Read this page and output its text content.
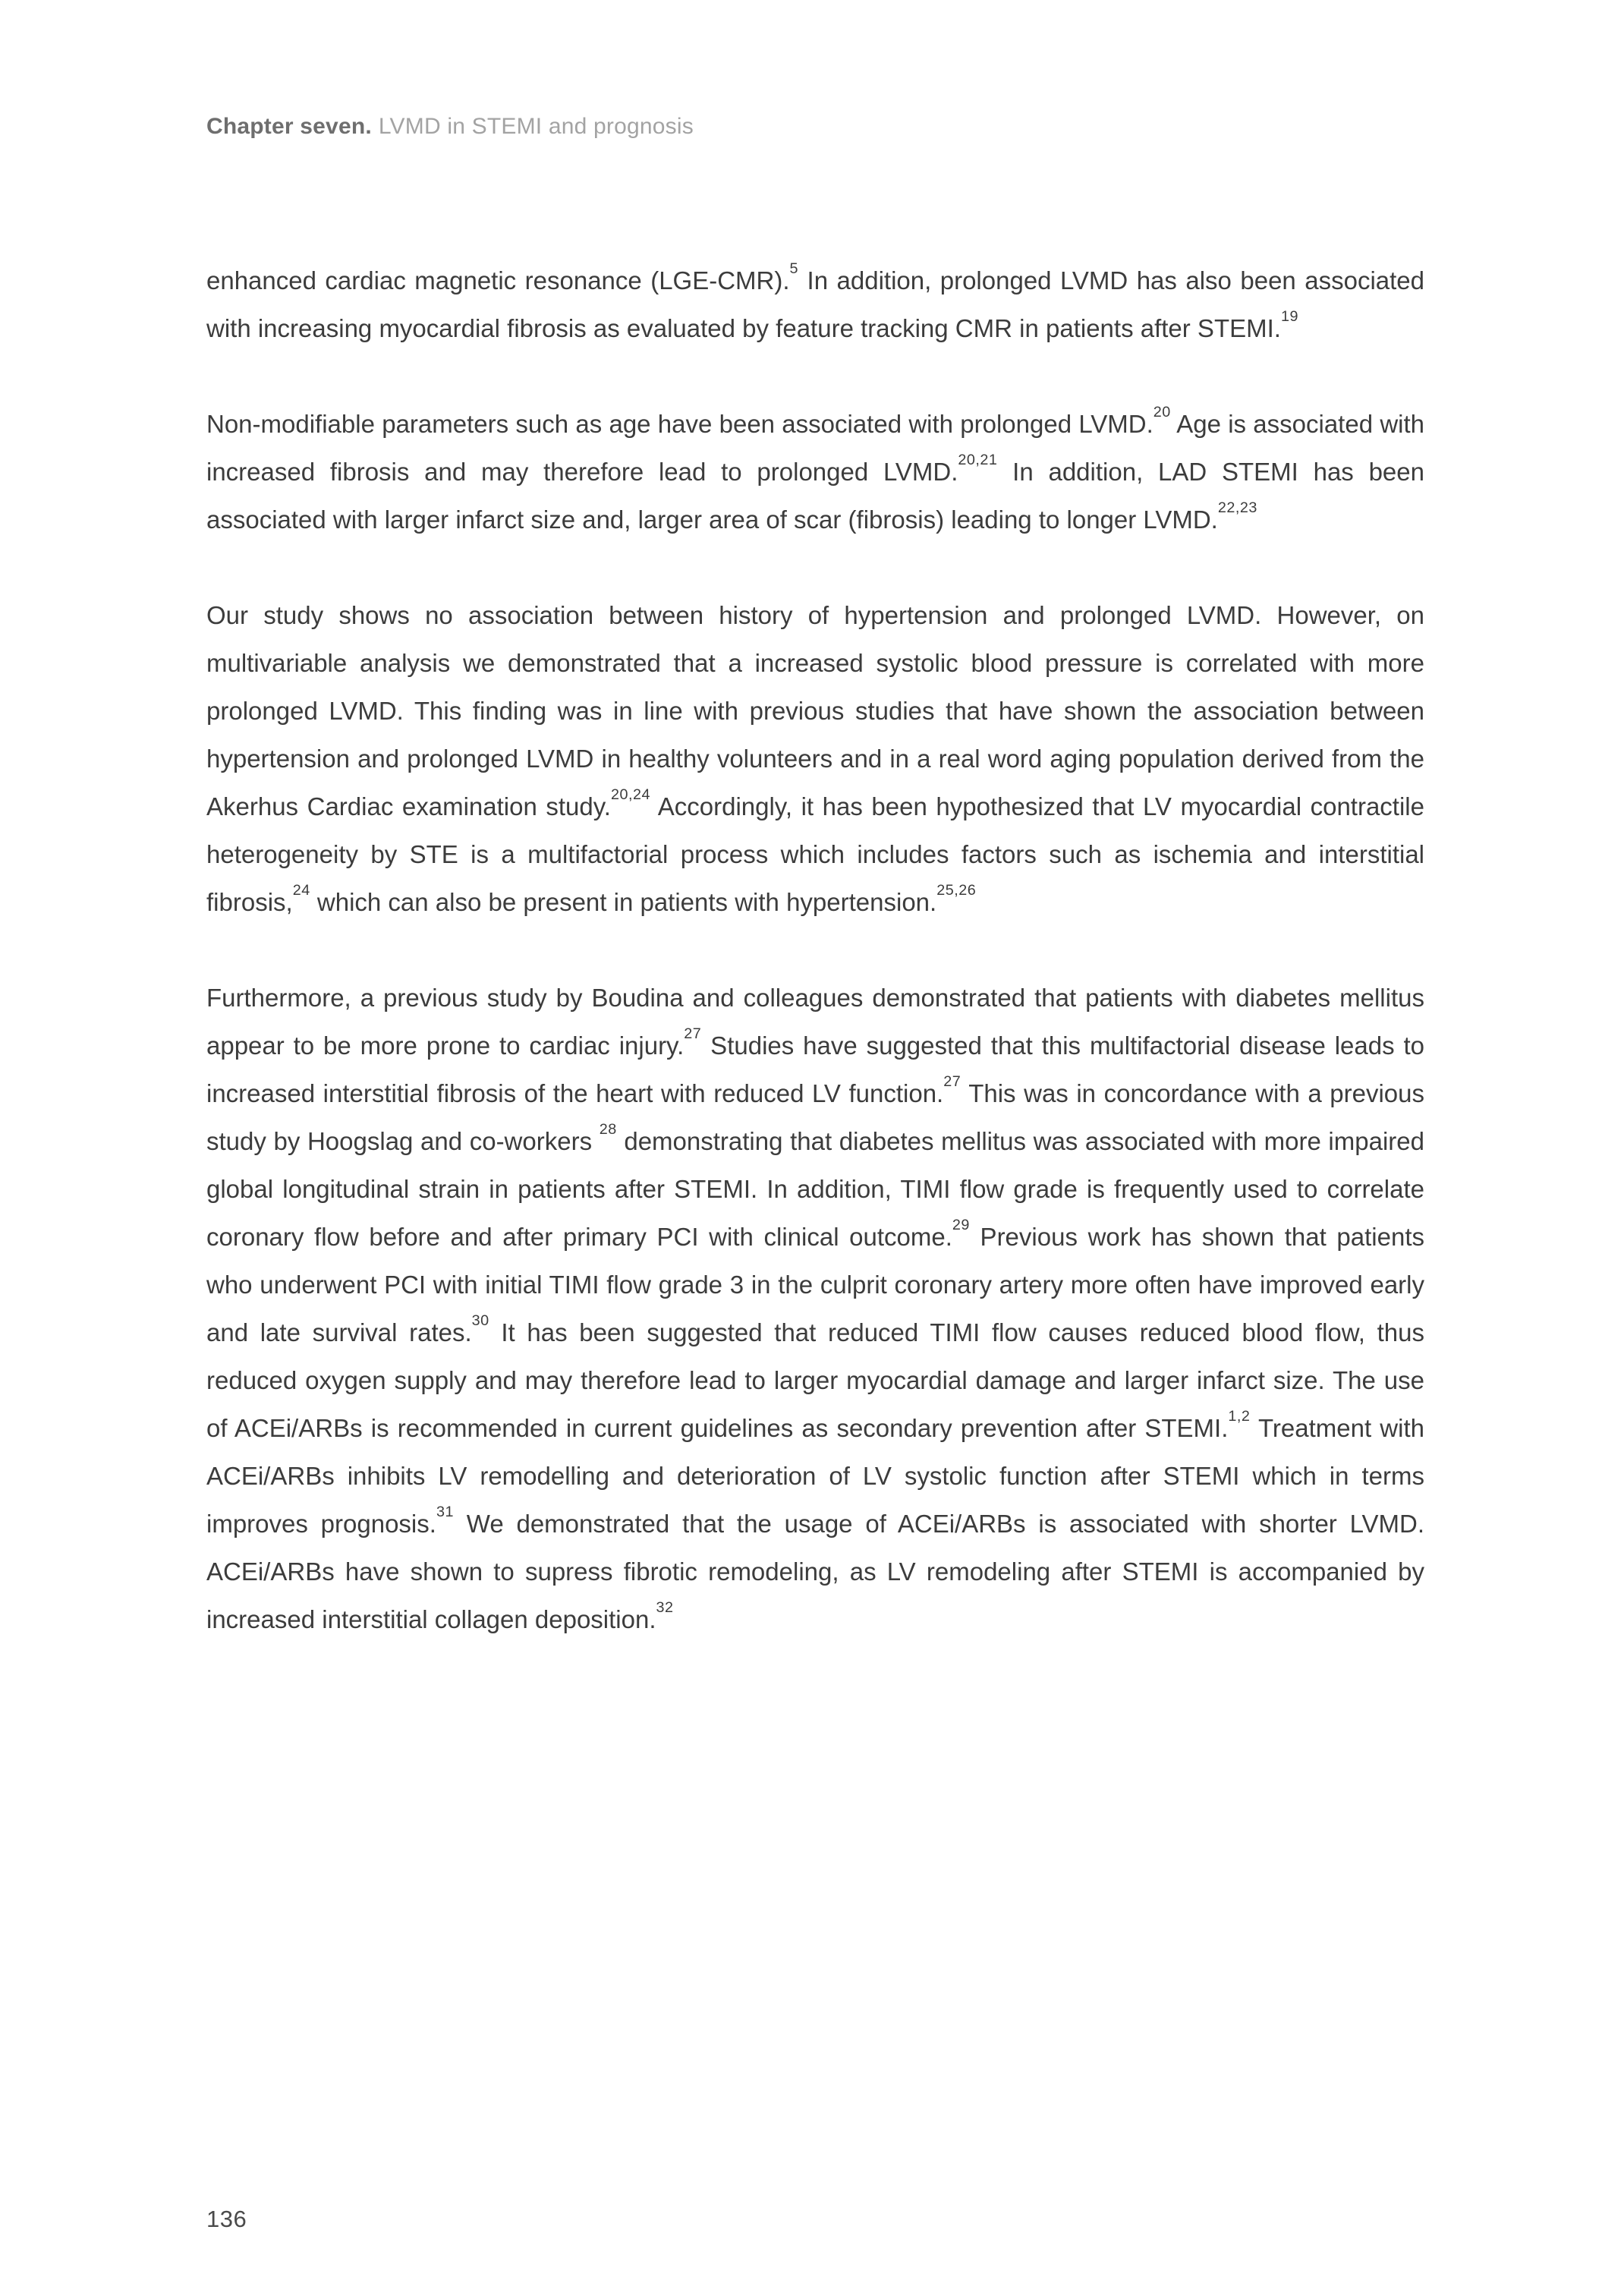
Chapter seven. LVMD in STEMI and prognosis

enhanced cardiac magnetic resonance (LGE-CMR).$^5$ In addition, prolonged LVMD has also been associated with increasing myocardial fibrosis as evaluated by feature tracking CMR in patients after STEMI.$^{19}$

Non-modifiable parameters such as age have been associated with prolonged LVMD.$^{20}$ Age is associated with increased fibrosis and may therefore lead to prolonged LVMD.$^{20,21}$ In addition, LAD STEMI has been associated with larger infarct size and, larger area of scar (fibrosis) leading to longer LVMD.$^{22,23}$

Our study shows no association between history of hypertension and prolonged LVMD. However, on multivariable analysis we demonstrated that a increased systolic blood pressure is correlated with more prolonged LVMD. This finding was in line with previous studies that have shown the association between hypertension and prolonged LVMD in healthy volunteers and in a real word aging population derived from the Akerhus Cardiac examination study.$^{20,24}$ Accordingly, it has been hypothesized that LV myocardial contractile heterogeneity by STE is a multifactorial process which includes factors such as ischemia and interstitial fibrosis,$^{24}$ which can also be present in patients with hypertension.$^{25,26}$

Furthermore, a previous study by Boudina and colleagues demonstrated that patients with diabetes mellitus appear to be more prone to cardiac injury.$^{27}$ Studies have suggested that this multifactorial disease leads to increased interstitial fibrosis of the heart with reduced LV function.$^{27}$ This was in concordance with a previous study by Hoogslag and co-workers $^{28}$ demonstrating that diabetes mellitus was associated with more impaired global longitudinal strain in patients after STEMI. In addition, TIMI flow grade is frequently used to correlate coronary flow before and after primary PCI with clinical outcome.$^{29}$ Previous work has shown that patients who underwent PCI with initial TIMI flow grade 3 in the culprit coronary artery more often have improved early and late survival rates.$^{30}$ It has been suggested that reduced TIMI flow causes reduced blood flow, thus reduced oxygen supply and may therefore lead to larger myocardial damage and larger infarct size. The use of ACEi/ARBs is recommended in current guidelines as secondary prevention after STEMI.$^{1,2}$ Treatment with ACEi/ARBs inhibits LV remodelling and deterioration of LV systolic function after STEMI which in terms improves prognosis.$^{31}$ We demonstrated that the usage of ACEi/ARBs is associated with shorter LVMD. ACEi/ARBs have shown to supress fibrotic remodeling, as LV remodeling after STEMI is accompanied by increased interstitial collagen deposition.$^{32}$

136
